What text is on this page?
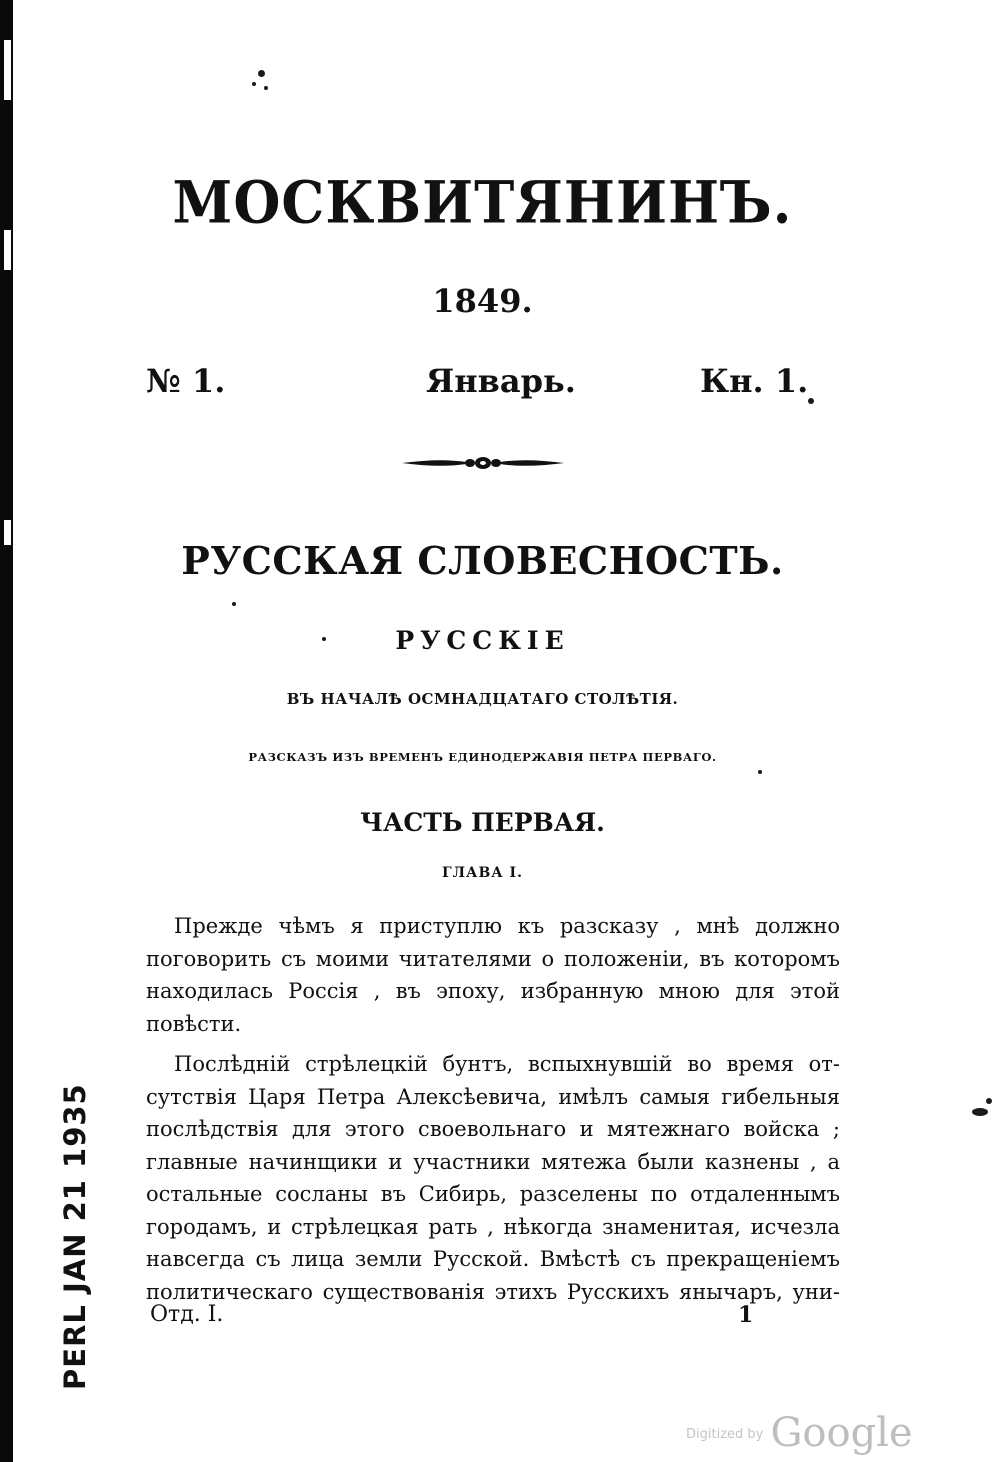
МОСКВИТЯНИНЪ.
1849.
№ 1.	Январь.	Кн. 1.
РУССКАЯ СЛОВЕСНОСТЬ.
РУССКІЕ
ВЪ НАЧАЛѢ ОСМНАДЦАТАГО СТОЛѢТІЯ.
РАЗСКАЗЪ ИЗЪ ВРЕМЕНЪ ЕДИНОДЕРЖАВІЯ ПЕТРА ПЕРВАГО.
ЧАСТЬ ПЕРВАЯ.
ГЛАВА I.
Прежде чѣмъ я приступлю къ разсказу , мнѣ должно
поговорить съ моими читателями о положеніи, въ которомъ
находилась Россія , въ эпоху, избранную мною для этой
повѣсти.
Послѣдній стрѣлецкій бунтъ, вспыхнувшій во время от-
сутствія Царя Петра Алексѣевича, имѣлъ самыя гибельныя
послѣдствія для этого своевольнаго и мятежнаго войска ;
главные начинщики и участники мятежа были казнены , а
остальные сосланы въ Сибирь, разселены по отдаленнымъ
городамъ, и стрѣлецкая рать , нѣкогда знаменитая, исчезла
навсегда съ лица земли Русской. Вмѣстѣ съ прекращеніемъ
политическаго существованія этихъ Русскихъ янычаръ, уни-
Отд. I.	1
PERL JAN 21 1935
Digitized by Google
